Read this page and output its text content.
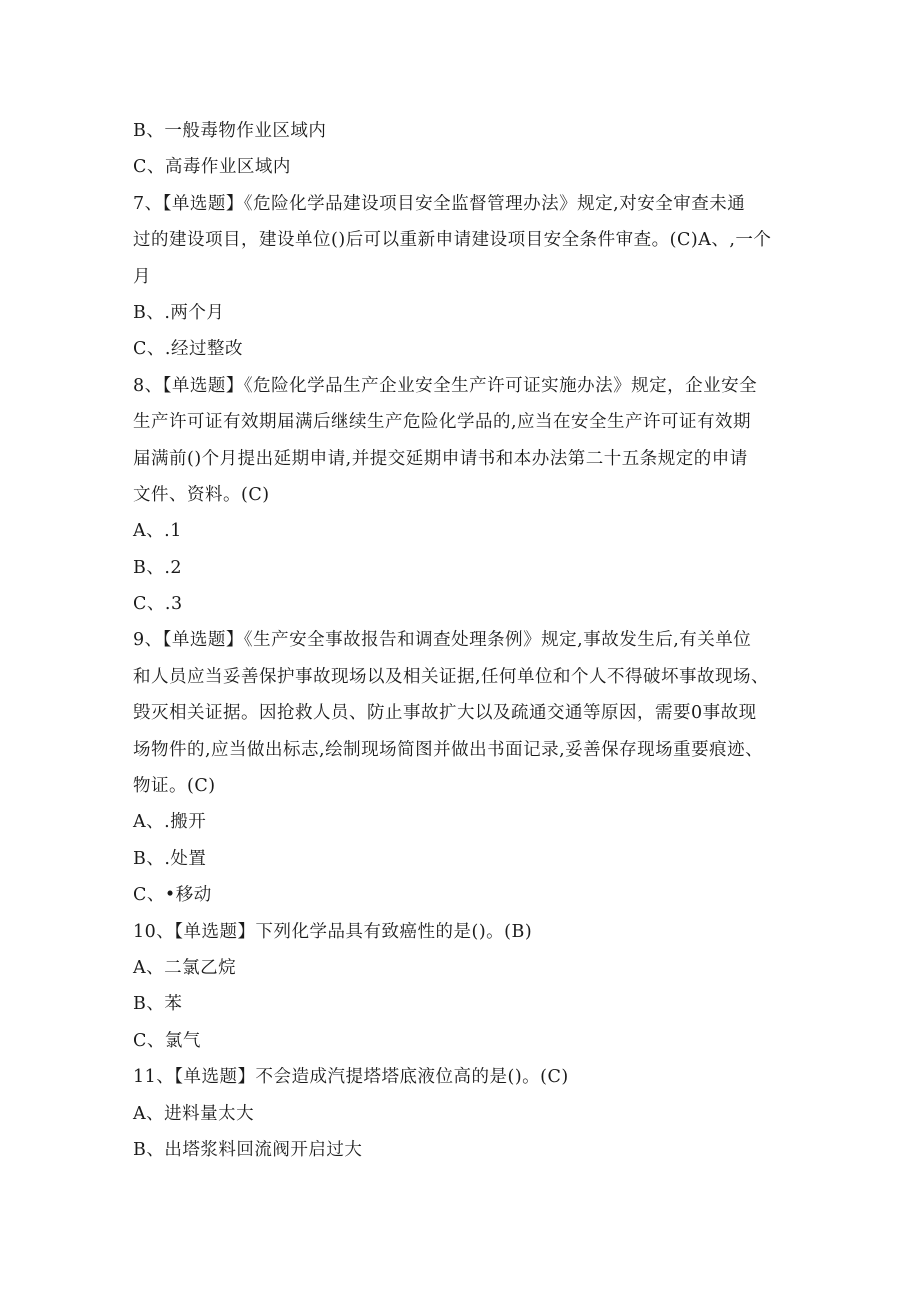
B、一般毒物作业区域内
C、高毒作业区域内
7、【单选题】《危险化学品建设项目安全监督管理办法》规定,对安全审查未通
过的建设项目，建设单位()后可以重新申请建设项目安全条件审查。(C)A、,一个
月
B、.两个月
C、.经过整改
8、【单选题】《危险化学品生产企业安全生产许可证实施办法》规定，企业安全
生产许可证有效期届满后继续生产危险化学品的,应当在安全生产许可证有效期
届满前()个月提出延期申请,并提交延期申请书和本办法第二十五条规定的申请
文件、资料。(C)
A、.1
B、.2
C、.3
9、【单选题】《生产安全事故报告和调查处理条例》规定,事故发生后,有关单位
和人员应当妥善保护事故现场以及相关证据,任何单位和个人不得破坏事故现场、
毁灭相关证据。因抢救人员、防止事故扩大以及疏通交通等原因，需要0事故现
场物件的,应当做出标志,绘制现场简图并做出书面记录,妥善保存现场重要痕迹、
物证。(C)
A、.搬开
B、.处置
C、•移动
10、【单选题】下列化学品具有致癌性的是()。(B)
A、二氯乙烷
B、苯
C、氯气
11、【单选题】不会造成汽提塔塔底液位高的是()。(C)
A、进料量太大
B、出塔浆料回流阀开启过大
